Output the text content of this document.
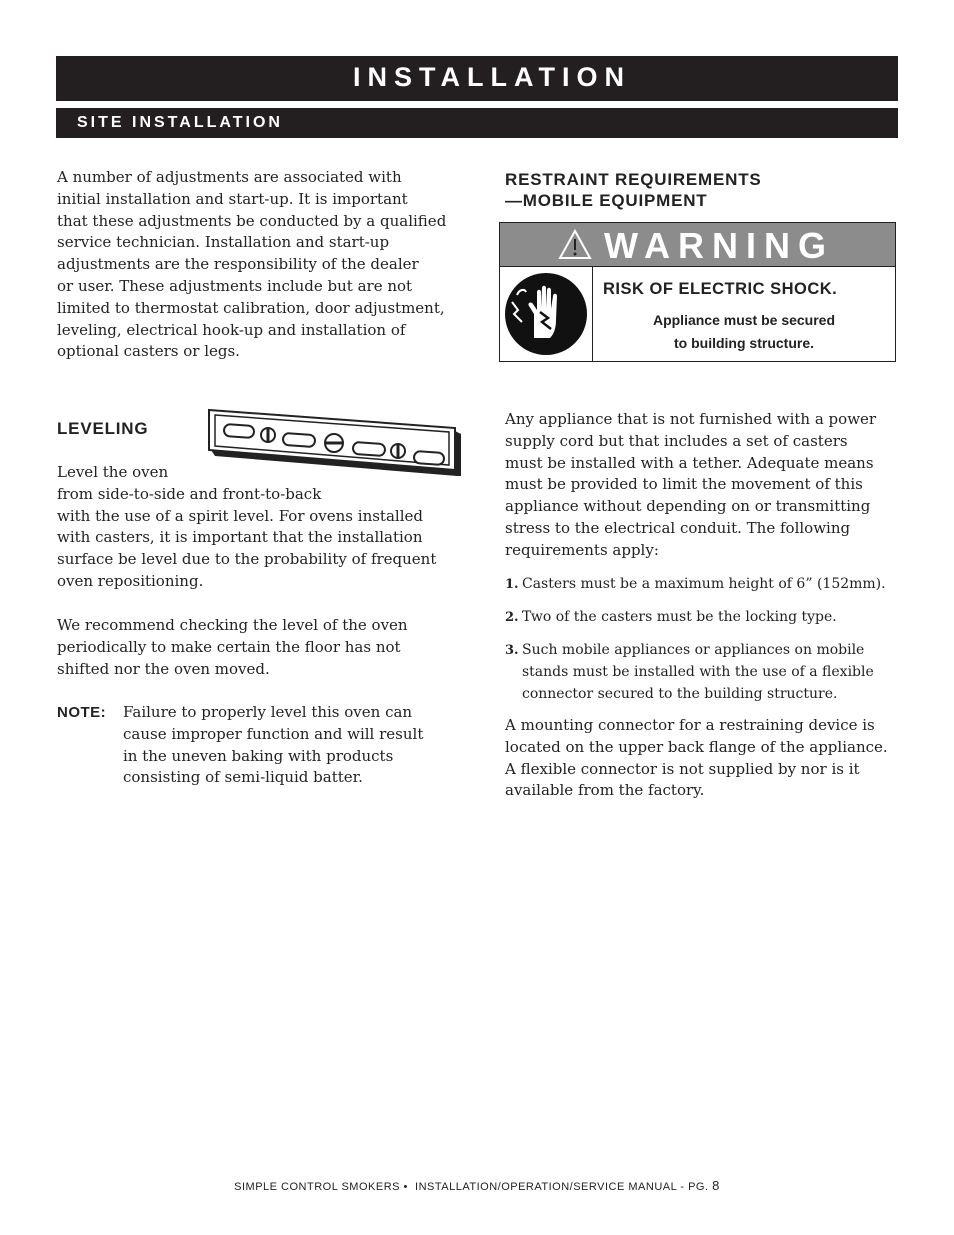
INSTALLATION
SITE INSTALLATION

A number of adjustments are associated with
initial installation and start-up. It is important
that these adjustments be conducted by a qualified
service technician. Installation and start-up
adjustments are the responsibility of the dealer
or user. These adjustments include but are not
limited to thermostat calibration, door adjustment,
leveling, electrical hook-up and installation of
optional casters or legs.

LEVELING

Level the oven
from side-to-side and front-to-back
with the use of a spirit level. For ovens installed
with casters, it is important that the installation
surface be level due to the probability of frequent
oven repositioning.

We recommend checking the level of the oven
periodically to make certain the floor has not
shifted nor the oven moved.

NOTE: Failure to properly level this oven can
cause improper function and will result
in the uneven baking with products
consisting of semi-liquid batter.

RESTRAINT REQUIREMENTS
—MOBILE EQUIPMENT
WARNING
RISK OF ELECTRIC SHOCK.
Appliance must be secured
to building structure.

Any appliance that is not furnished with a power
supply cord but that includes a set of casters
must be installed with a tether. Adequate means
must be provided to limit the movement of this
appliance without depending on or transmitting
stress to the electrical conduit. The following
requirements apply:

1. Casters must be a maximum height of 6” (152mm).
2. Two of the casters must be the locking type.
3. Such mobile appliances or appliances on mobile
stands must be installed with the use of a flexible
connector secured to the building structure.

A mounting connector for a restraining device is
located on the upper back flange of the appliance.
A flexible connector is not supplied by nor is it
available from the factory.

SIMPLE CONTROL SMOKERS • INSTALLATION/OPERATION/SERVICE MANUAL - PG. 8
